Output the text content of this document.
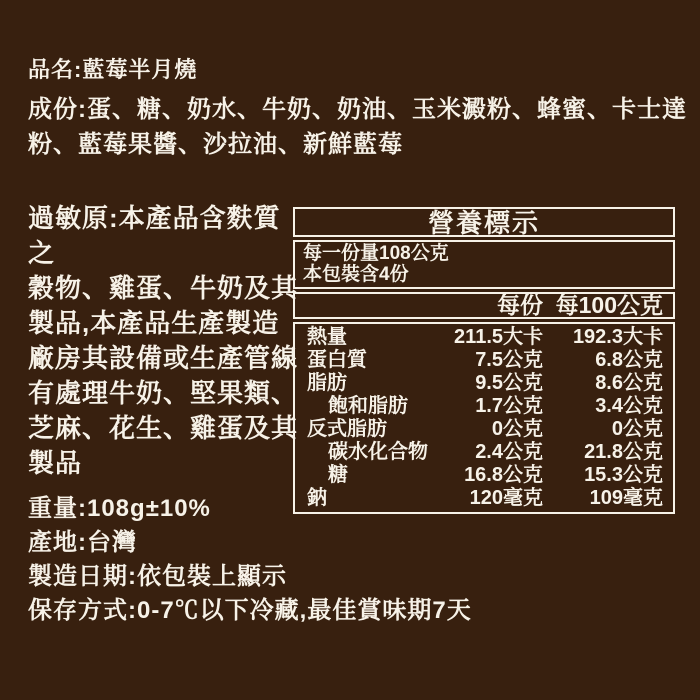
品名:藍莓半月燒
成份:蛋、糖、奶水、牛奶、奶油、玉米澱粉、蜂蜜、卡士達
粉、藍莓果醬、沙拉油、新鮮藍莓
過敏原:本產品含麩質之
穀物、雞蛋、牛奶及其
製品,本產品生產製造
廠房其設備或生產管線
有處理牛奶、堅果類、
芝麻、花生、雞蛋及其
製品
營養標示
每一份量108公克
本包裝含4份
每份 每100公克
熱量	211.5大卡	192.3大卡
蛋白質	7.5公克	6.8公克
脂肪	9.5公克	8.6公克
飽和脂肪	1.7公克	3.4公克
反式脂肪	0公克	0公克
碳水化合物	2.4公克	21.8公克
糖	16.8公克	15.3公克
鈉	120毫克	109毫克
重量:108g±10%
產地:台灣
製造日期:依包裝上顯示
保存方式:0-7℃以下冷藏,最佳賞味期7天
